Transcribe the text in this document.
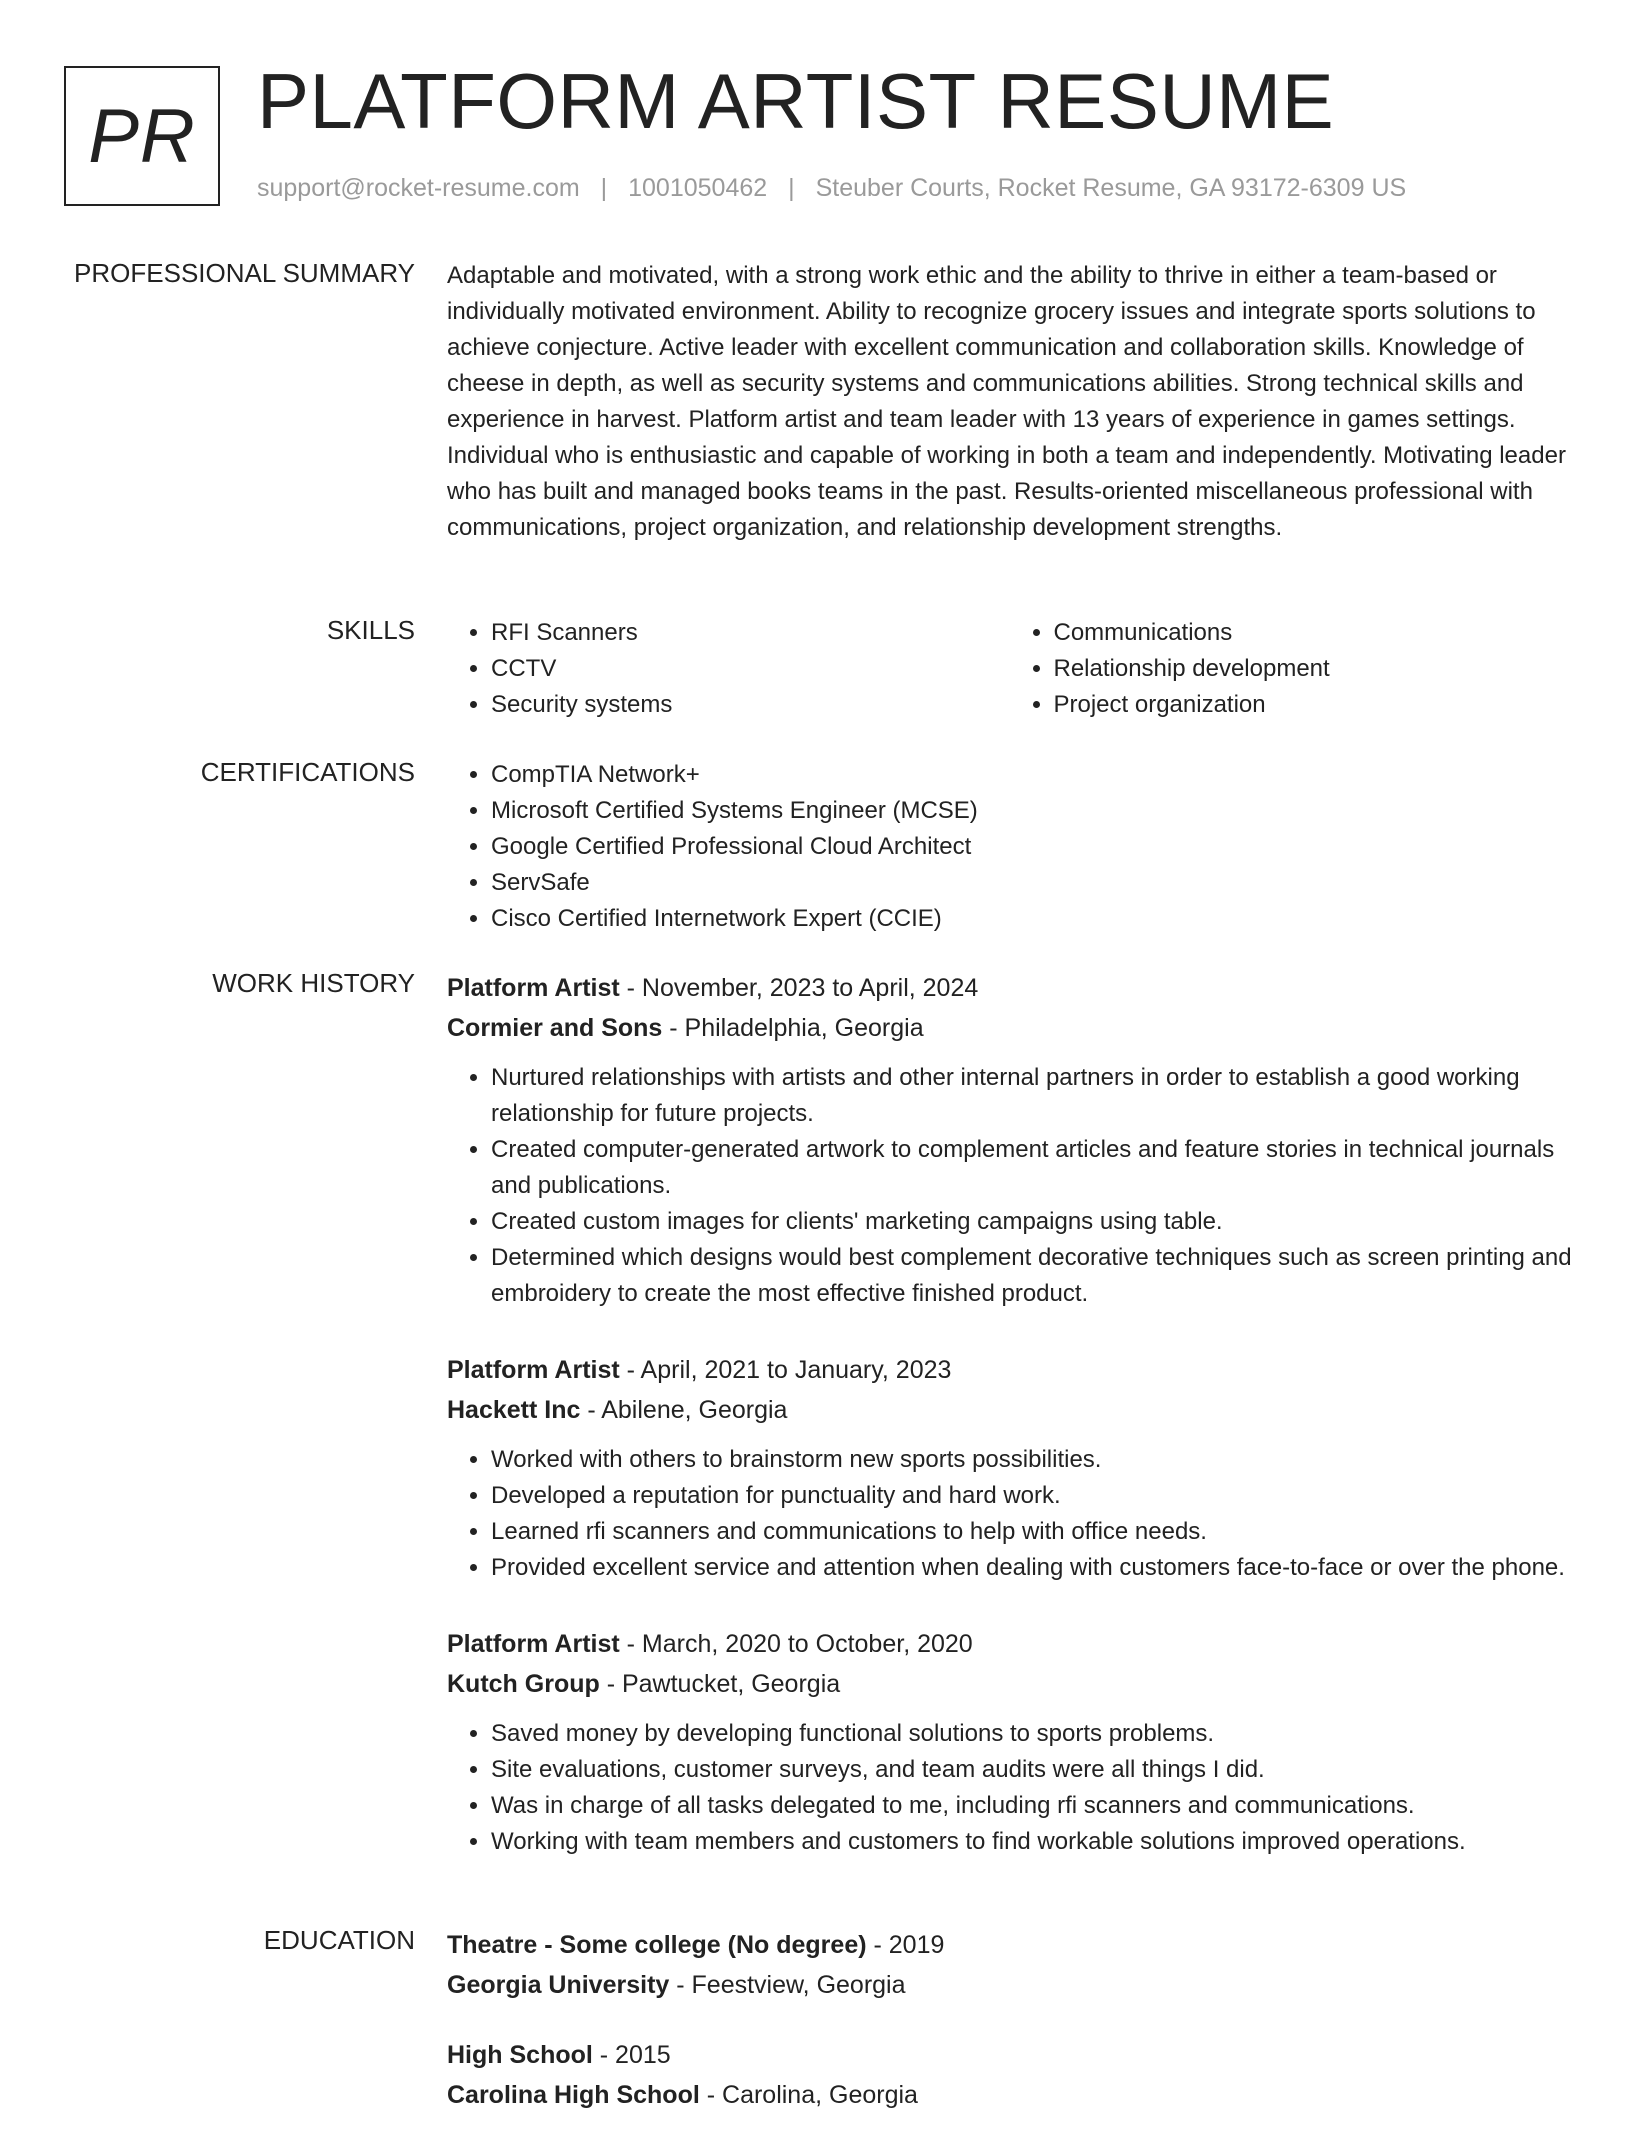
PR PLATFORM ARTIST RESUME
support@rocket-resume.com | 1001050462 | Steuber Courts, Rocket Resume, GA 93172-6309 US
PROFESSIONAL SUMMARY Adaptable and motivated, with a strong work ethic and the ability to thrive in either a team-based or individually motivated environment. Ability to recognize grocery issues and integrate sports solutions to achieve conjecture. Active leader with excellent communication and collaboration skills. Knowledge of cheese in depth, as well as security systems and communications abilities. Strong technical skills and experience in harvest. Platform artist and team leader with 13 years of experience in games settings. Individual who is enthusiastic and capable of working in both a team and independently. Motivating leader who has built and managed books teams in the past. Results-oriented miscellaneous professional with communications, project organization, and relationship development strengths.

SKILLS	• RFI Scanners
• CCTV
• Security systems
• Communications
• Relationship development
• Project organization
CERTIFICATIONS	• CompTIA Network+
• Microsoft Certified Systems Engineer (MCSE)
• Google Certified Professional Cloud Architect
• ServSafe
• Cisco Certified Internetwork Expert (CCIE)
WORK HISTORY Platform Artist - November, 2023 to April, 2024
Cormier and Sons - Philadelphia, Georgia
• Nurtured relationships with artists and other internal partners in order to establish a good working relationship for future projects.
• Created computer-generated artwork to complement articles and feature stories in technical journals and publications.
• Created custom images for clients' marketing campaigns using table.
• Determined which designs would best complement decorative techniques such as screen printing and embroidery to create the most effective finished product.
Platform Artist - April, 2021 to January, 2023
Hackett Inc - Abilene, Georgia
• Worked with others to brainstorm new sports possibilities.
• Developed a reputation for punctuality and hard work.
• Learned rfi scanners and communications to help with office needs.
• Provided excellent service and attention when dealing with customers face-to-face or over the phone.
Platform Artist - March, 2020 to October, 2020
Kutch Group - Pawtucket, Georgia
• Saved money by developing functional solutions to sports problems.
• Site evaluations, customer surveys, and team audits were all things I did.
• Was in charge of all tasks delegated to me, including rfi scanners and communications.
• Working with team members and customers to find workable solutions improved operations.
EDUCATION Theatre - Some college (No degree) - 2019
Georgia University - Feestview, Georgia
High School - 2015
Carolina High School - Carolina, Georgia
